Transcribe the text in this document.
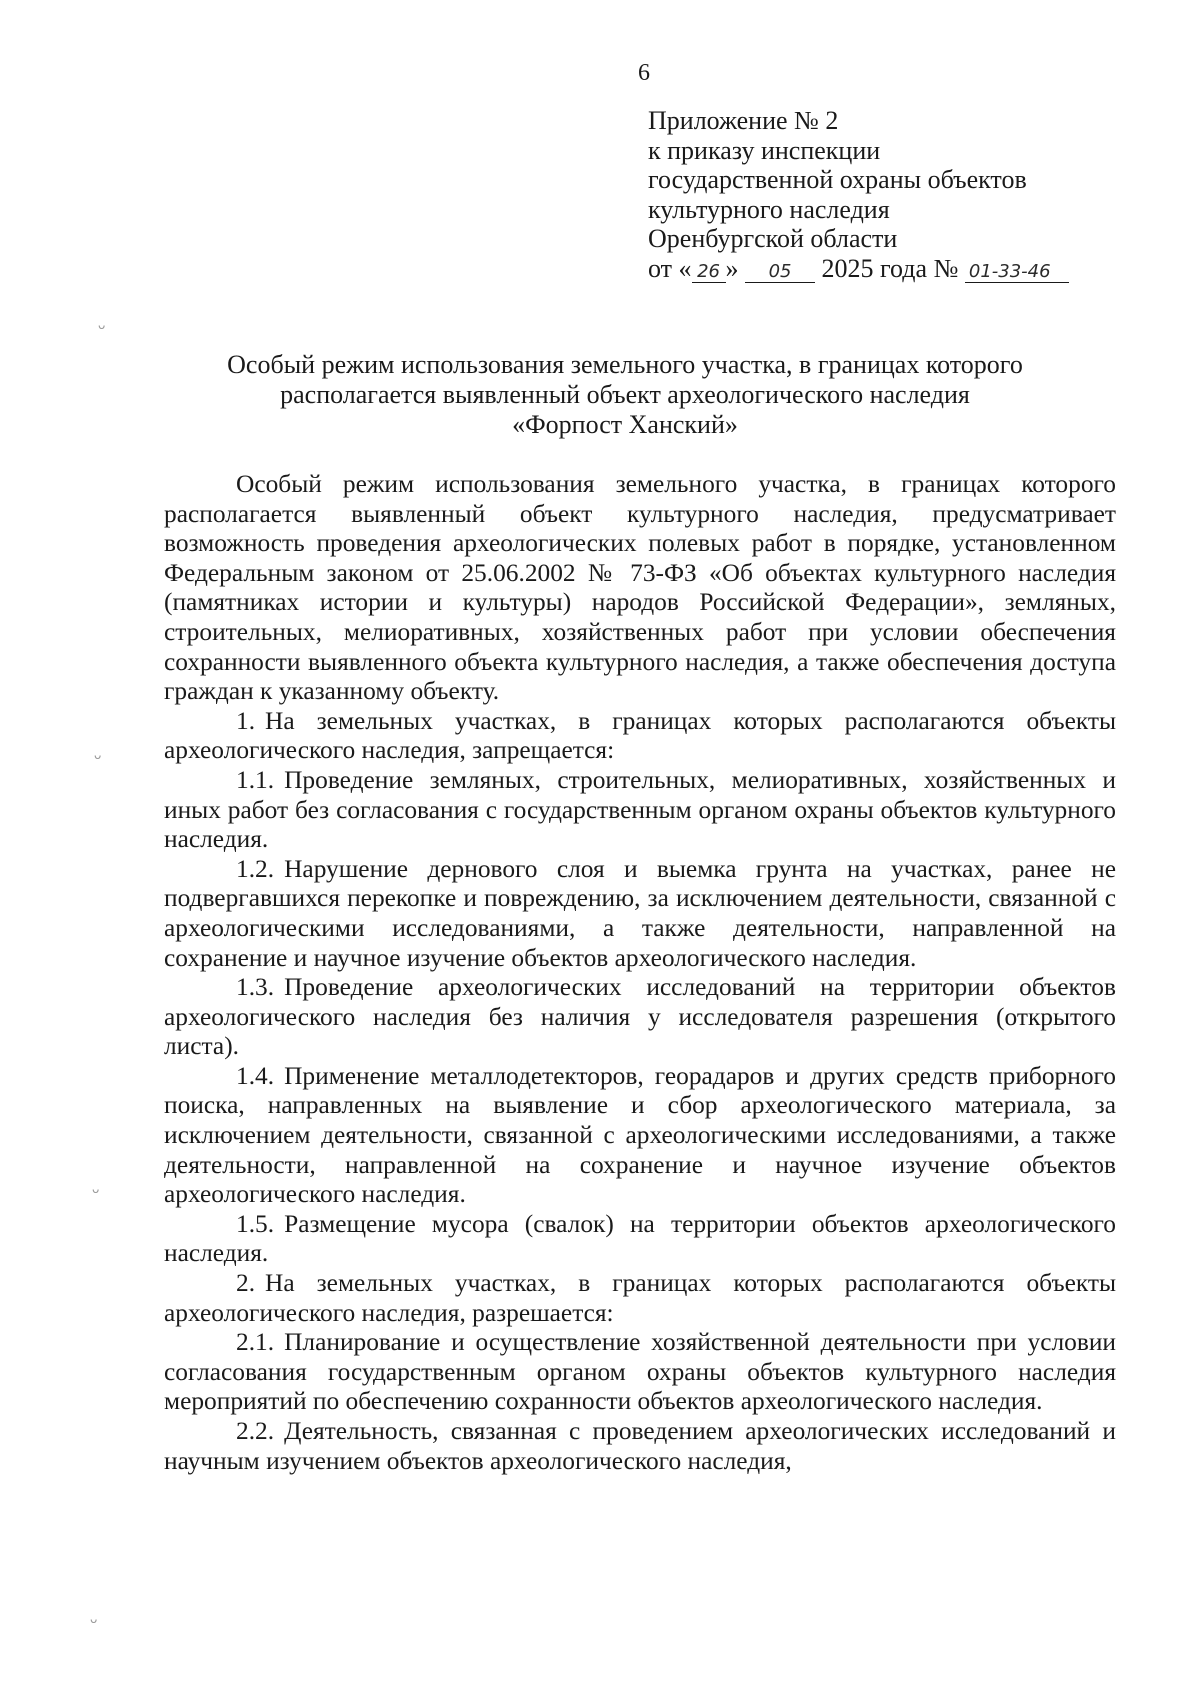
6
Приложение № 2
к приказу инспекции
государственной охраны объектов
культурного наследия
Оренбургской области
от « 26 » 05 2025 года № 01-33-46
Особый режим использования земельного участка, в границах которого
располагается выявленный объект археологического наследия
«Форпост Ханский»

Особый режим использования земельного участка, в границах которого располагается выявленный объект культурного наследия, предусматривает возможность проведения археологических полевых работ в порядке, установленном Федеральным законом от 25.06.2002 № 73-ФЗ «Об объектах культурного наследия (памятниках истории и культуры) народов Российской Федерации», земляных, строительных, мелиоративных, хозяйственных работ при условии обеспечения сохранности выявленного объекта культурного наследия, а также обеспечения доступа граждан к указанному объекту.

1. На земельных участках, в границах которых располагаются объекты археологического наследия, запрещается:

1.1. Проведение земляных, строительных, мелиоративных, хозяйственных и иных работ без согласования с государственным органом охраны объектов культурного наследия.

1.2. Нарушение дернового слоя и выемка грунта на участках, ранее не подвергавшихся перекопке и повреждению, за исключением деятельности, связанной с археологическими исследованиями, а также деятельности, направленной на сохранение и научное изучение объектов археологического наследия.

1.3. Проведение археологических исследований на территории объектов археологического наследия без наличия у исследователя разрешения (открытого листа).

1.4. Применение металлодетекторов, георадаров и других средств приборного поиска, направленных на выявление и сбор археологического материала, за исключением деятельности, связанной с археологическими исследованиями, а также деятельности, направленной на сохранение и научное изучение объектов археологического наследия.

1.5. Размещение мусора (свалок) на территории объектов археологического наследия.

2. На земельных участках, в границах которых располагаются объекты археологического наследия, разрешается:

2.1. Планирование и осуществление хозяйственной деятельности при условии согласования государственным органом охраны объектов культурного наследия мероприятий по обеспечению сохранности объектов археологического наследия.

2.2. Деятельность, связанная с проведением археологических исследований и научным изучением объектов археологического наследия,

ᴗ
ᴗ
ᴗ
ᴗ
